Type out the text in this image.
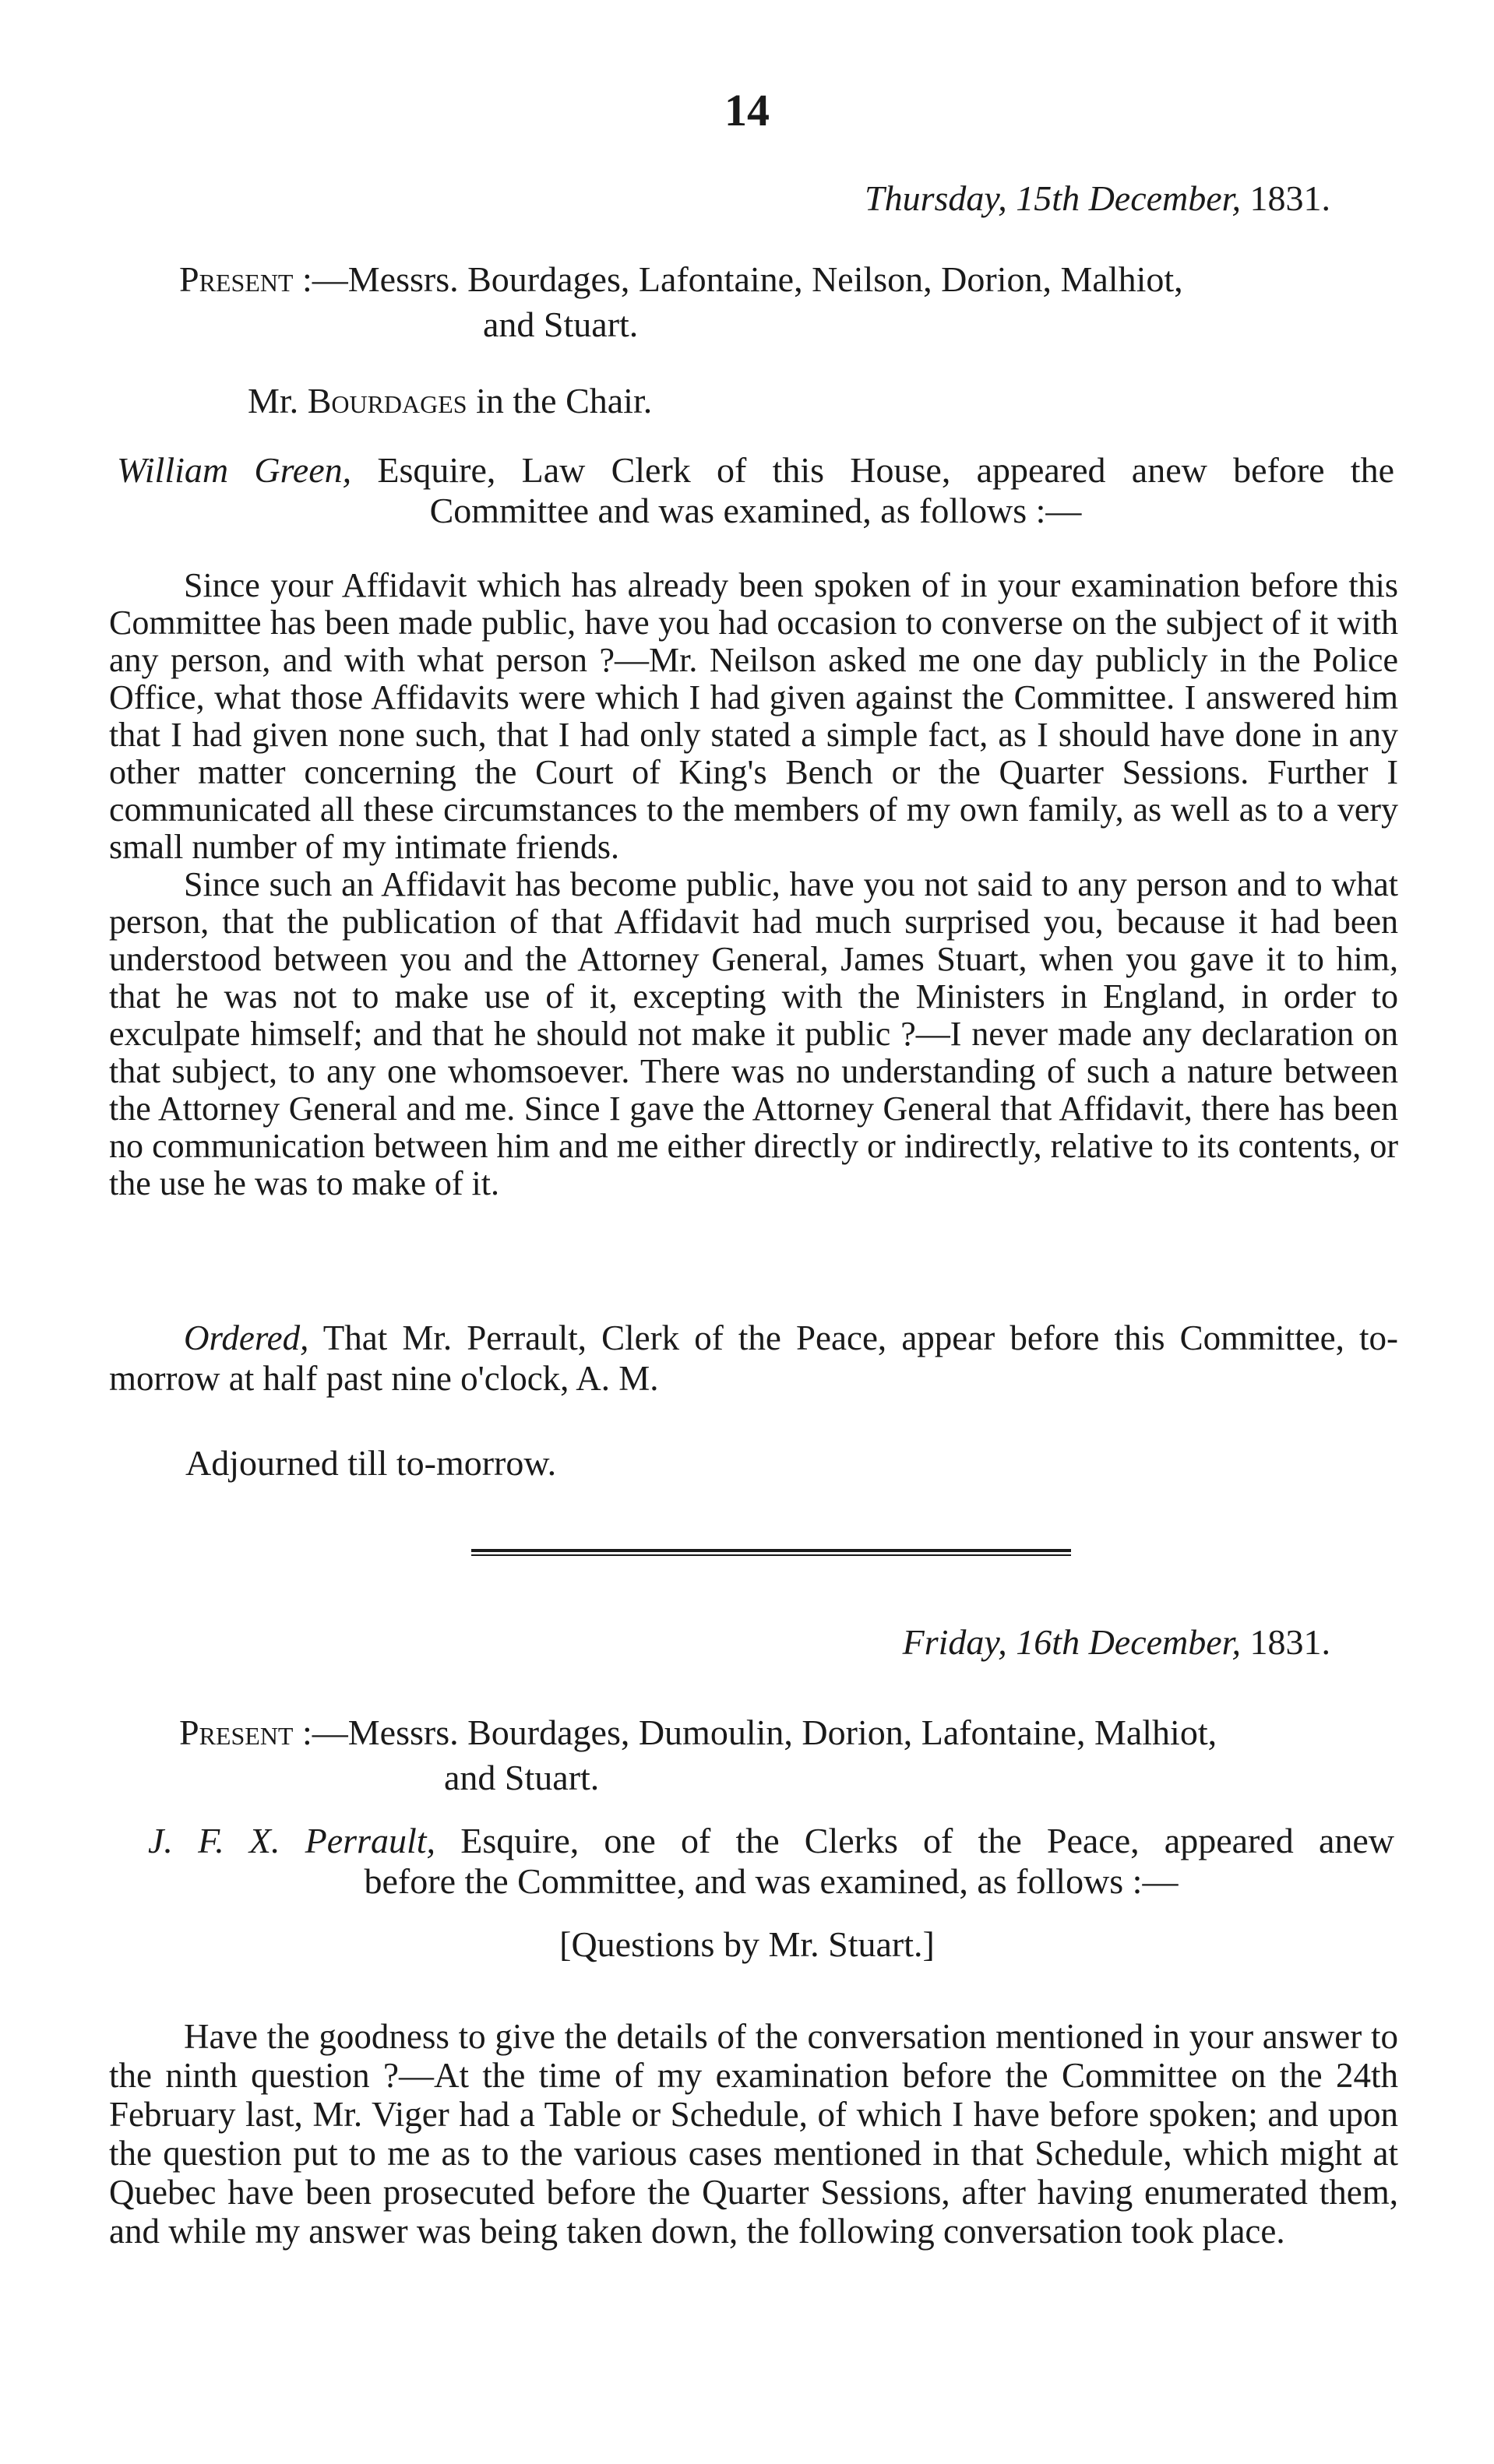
14
Thursday, 15th December, 1831.
Present :—Messrs. Bourdages, Lafontaine, Neilson, Dorion, Malhiot,
and Stuart.
Mr. Bourdages in the Chair.
William Green, Esquire, Law Clerk of this House, appeared anew before the
Committee and was examined, as follows :—

Since your Affidavit which has already been spoken of in your examination before this Committee has been made public, have you had occasion to converse on the subject of it with any person, and with what person ?—Mr. Neilson asked me one day publicly in the Police Office, what those Affidavits were which I had given against the Committee. I answered him that I had given none such, that I had only stated a simple fact, as I should have done in any other matter concerning the Court of King's Bench or the Quarter Sessions. Further I communicated all these circumstances to the members of my own family, as well as to a very small number of my intimate friends.

Since such an Affidavit has become public, have you not said to any person and to what person, that the publication of that Affidavit had much surprised you, because it had been understood between you and the Attorney General, James Stuart, when you gave it to him, that he was not to make use of it, excepting with the Ministers in England, in order to exculpate himself; and that he should not make it public ?—I never made any declaration on that subject, to any one whomsoever. There was no understanding of such a nature between the Attorney General and me. Since I gave the Attorney General that Affidavit, there has been no communication between him and me either directly or indirectly, relative to its contents, or the use he was to make of it.

Ordered, That Mr. Perrault, Clerk of the Peace, appear before this Committee, to-morrow at half past nine o'clock, A. M.

Adjourned till to-morrow.
Friday, 16th December, 1831.
Present :—Messrs. Bourdages, Dumoulin, Dorion, Lafontaine, Malhiot,
and Stuart.
J. F. X. Perrault, Esquire, one of the Clerks of the Peace, appeared anew
before the Committee, and was examined, as follows :—
[Questions by Mr. Stuart.]

Have the goodness to give the details of the conversation mentioned in your answer to the ninth question ?—At the time of my examination before the Committee on the 24th February last, Mr. Viger had a Table or Schedule, of which I have before spoken; and upon the question put to me as to the various cases mentioned in that Schedule, which might at Quebec have been prosecuted before the Quarter Sessions, after having enumerated them, and while my answer was being taken down, the following conversation took place.
